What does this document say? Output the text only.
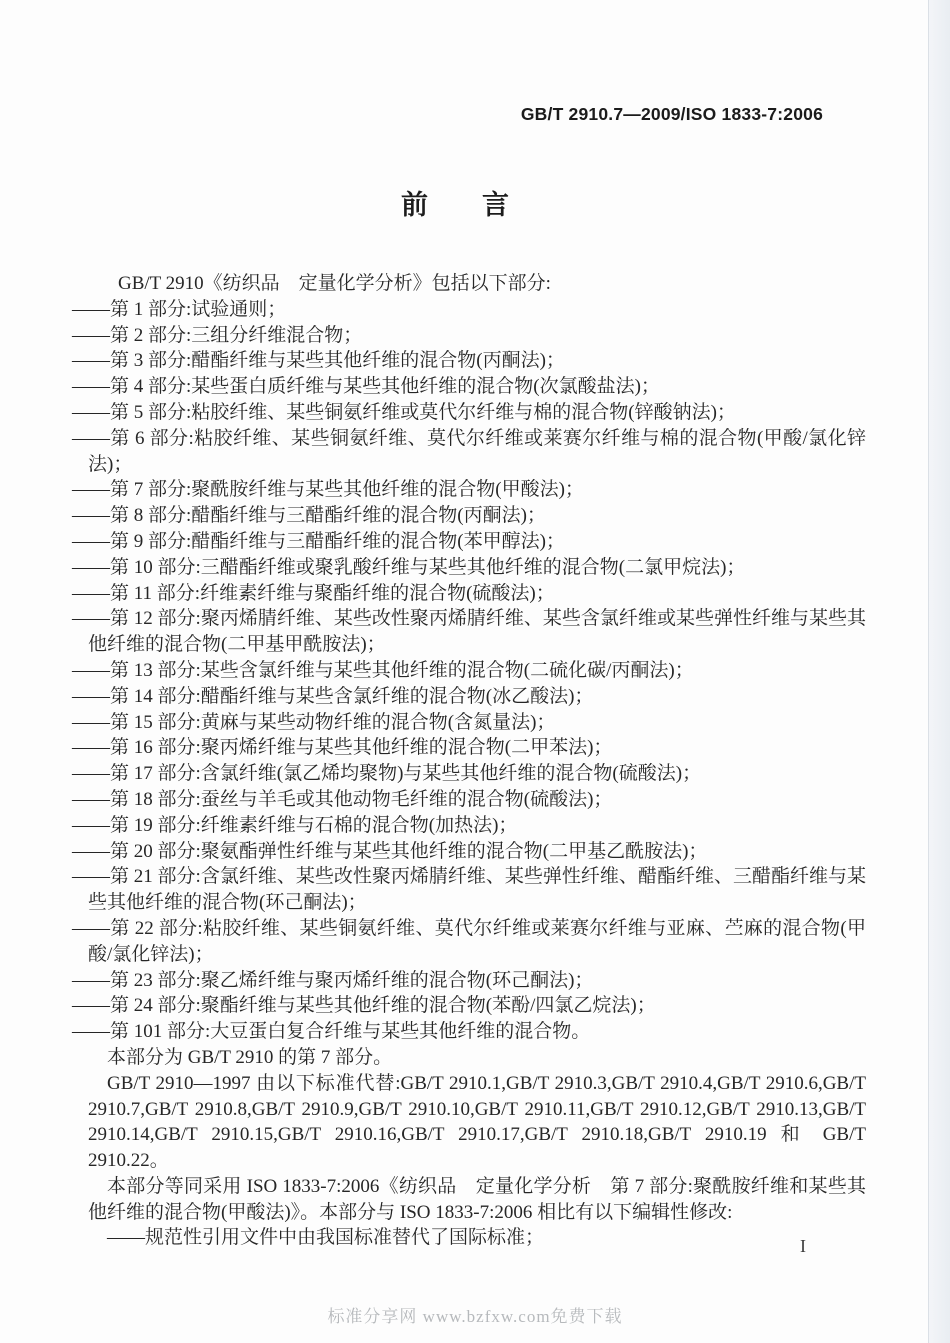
GB/T 2910.7—2009/ISO 1833-7:2006
前　　言

GB/T 2910《纺织品　定量化学分析》包括以下部分:

——第 1 部分:试验通则；
——第 2 部分:三组分纤维混合物；
——第 3 部分:醋酯纤维与某些其他纤维的混合物(丙酮法)；
——第 4 部分:某些蛋白质纤维与某些其他纤维的混合物(次氯酸盐法)；
——第 5 部分:粘胶纤维、某些铜氨纤维或莫代尔纤维与棉的混合物(锌酸钠法)；
——第 6 部分:粘胶纤维、某些铜氨纤维、莫代尔纤维或莱赛尔纤维与棉的混合物(甲酸/氯化锌法)；
——第 7 部分:聚酰胺纤维与某些其他纤维的混合物(甲酸法)；
——第 8 部分:醋酯纤维与三醋酯纤维的混合物(丙酮法)；
——第 9 部分:醋酯纤维与三醋酯纤维的混合物(苯甲醇法)；
——第 10 部分:三醋酯纤维或聚乳酸纤维与某些其他纤维的混合物(二氯甲烷法)；
——第 11 部分:纤维素纤维与聚酯纤维的混合物(硫酸法)；
——第 12 部分:聚丙烯腈纤维、某些改性聚丙烯腈纤维、某些含氯纤维或某些弹性纤维与某些其他纤维的混合物(二甲基甲酰胺法)；
——第 13 部分:某些含氯纤维与某些其他纤维的混合物(二硫化碳/丙酮法)；
——第 14 部分:醋酯纤维与某些含氯纤维的混合物(冰乙酸法)；
——第 15 部分:黄麻与某些动物纤维的混合物(含氮量法)；
——第 16 部分:聚丙烯纤维与某些其他纤维的混合物(二甲苯法)；
——第 17 部分:含氯纤维(氯乙烯均聚物)与某些其他纤维的混合物(硫酸法)；
——第 18 部分:蚕丝与羊毛或其他动物毛纤维的混合物(硫酸法)；
——第 19 部分:纤维素纤维与石棉的混合物(加热法)；
——第 20 部分:聚氨酯弹性纤维与某些其他纤维的混合物(二甲基乙酰胺法)；
——第 21 部分:含氯纤维、某些改性聚丙烯腈纤维、某些弹性纤维、醋酯纤维、三醋酯纤维与某些其他纤维的混合物(环己酮法)；
——第 22 部分:粘胶纤维、某些铜氨纤维、莫代尔纤维或莱赛尔纤维与亚麻、苎麻的混合物(甲酸/氯化锌法)；
——第 23 部分:聚乙烯纤维与聚丙烯纤维的混合物(环己酮法)；
——第 24 部分:聚酯纤维与某些其他纤维的混合物(苯酚/四氯乙烷法)；
——第 101 部分:大豆蛋白复合纤维与某些其他纤维的混合物。

本部分为 GB/T 2910 的第 7 部分。

GB/T 2910—1997 由以下标准代替:GB/T 2910.1,GB/T 2910.3,GB/T 2910.4,GB/T 2910.6,GB/T 2910.7,GB/T 2910.8,GB/T 2910.9,GB/T 2910.10,GB/T 2910.11,GB/T 2910.12,GB/T 2910.13,GB/T 2910.14,GB/T 2910.15,GB/T 2910.16,GB/T 2910.17,GB/T 2910.18,GB/T 2910.19 和 GB/T 2910.22。

本部分等同采用 ISO 1833-7:2006《纺织品　定量化学分析　第 7 部分:聚酰胺纤维和某些其他纤维的混合物(甲酸法)》。本部分与 ISO 1833-7:2006 相比有以下编辑性修改:

——规范性引用文件中由我国标准替代了国际标准；	I
标准分享网 www.bzfxw.com免费下载
